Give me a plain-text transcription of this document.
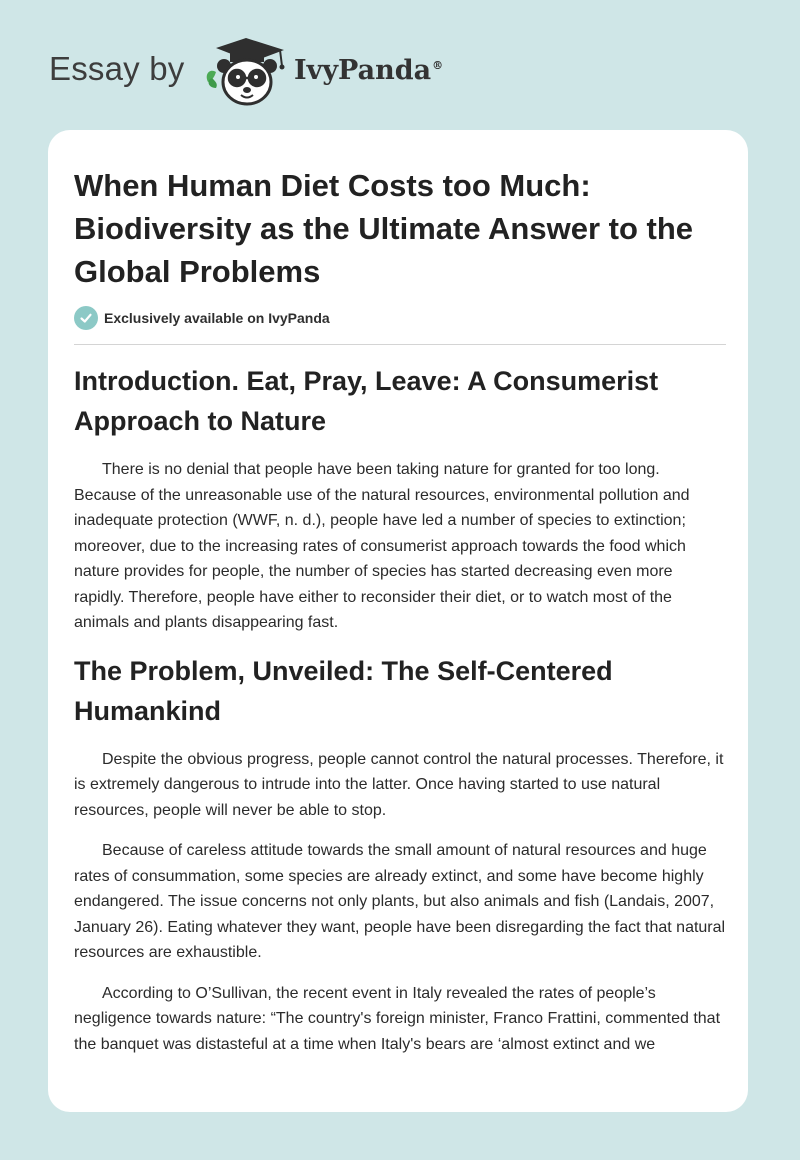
Essay by	IvyPanda®
When Human Diet Costs too Much: Biodiversity as the Ultimate Answer to the Global Problems
Exclusively available on IvyPanda
Introduction. Eat, Pray, Leave: A Consumerist Approach to Nature

There is no denial that people have been taking nature for granted for too long. Because of the unreasonable use of the natural resources, environmental pollution and inadequate protection (WWF, n. d.), people have led a number of species to extinction; moreover, due to the increasing rates of consumerist approach towards the food which nature provides for people, the number of species has started decreasing even more rapidly. Therefore, people have either to reconsider their diet, or to watch most of the animals and plants disappearing fast.

The Problem, Unveiled: The Self-Centered Humankind

Despite the obvious progress, people cannot control the natural processes. Therefore, it is extremely dangerous to intrude into the latter. Once having started to use natural resources, people will never be able to stop.

Because of careless attitude towards the small amount of natural resources and huge rates of consummation, some species are already extinct, and some have become highly endangered. The issue concerns not only plants, but also animals and fish (Landais, 2007, January 26). Eating whatever they want, people have been disregarding the fact that natural resources are exhaustible.

According to O’Sullivan, the recent event in Italy revealed the rates of people’s negligence towards nature: “The country's foreign minister, Franco Frattini, commented that the banquet was distasteful at a time when Italy's bears are ‘almost extinct and we
